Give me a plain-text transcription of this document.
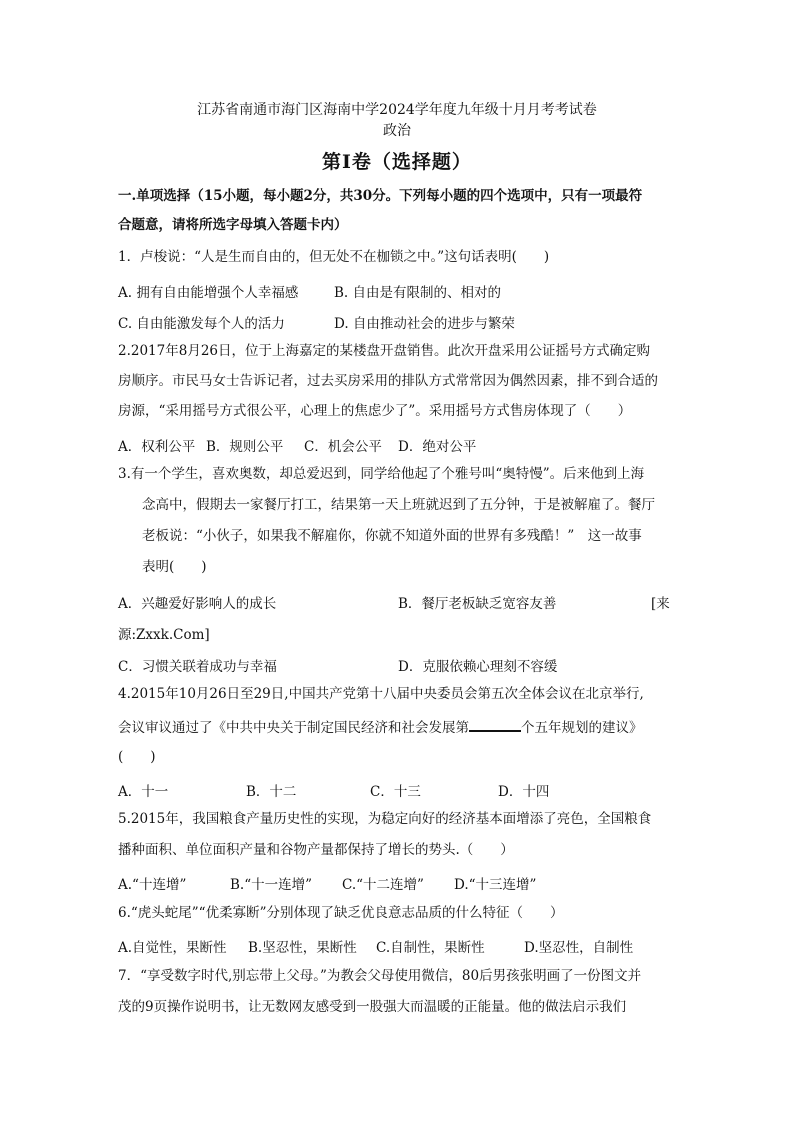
江苏省南通市海门区海南中学2024学年度九年级十月月考考试卷
政治
第I卷（选择题）
一.单项选择（15小题，每小题2分，共30分。下列每小题的四个选项中，只有一项最符
合题意，请将所选字母填入答题卡内）
1．卢梭说：“人是生而自由的，但无处不在枷锁之中。”这句话表明(　　)
A. 拥有自由能增强个人幸福感	B. 自由是有限制的、相对的
C. 自由能激发每个人的活力	D. 自由推动社会的进步与繁荣
2.2017年8月26日，位于上海嘉定的某楼盘开盘销售。此次开盘采用公证摇号方式确定购
房顺序。市民马女士告诉记者，过去买房采用的排队方式常常因为偶然因素，排不到合适的
房源，“采用摇号方式很公平，心理上的焦虑少了”。采用摇号方式售房体现了（　　）
A．权利公平 B．规则公平 C．机会公平 D．绝对公平
3.有一个学生，喜欢奥数，却总爱迟到，同学给他起了个雅号叫“奥特慢”。后来他到上海
念高中，假期去一家餐厅打工，结果第一天上班就迟到了五分钟，于是被解雇了。餐厅
老板说：“小伙子，如果我不解雇你，你就不知道外面的世界有多残酷！”　这一故事
表明(　　)
A．兴趣爱好影响人的成长	B．餐厅老板缺乏宽容友善	[来
源:Zxxk.Com]
C．习惯关联着成功与幸福	D．克服依赖心理刻不容缓
4.2015年10月26日至29日,中国共产党第十八届中央委员会第五次全体会议在北京举行,
会议审议通过了《中共中央关于制定国民经济和社会发展第	个五年规划的建议》
(　　)
A．十一	B．十二	C．十三	D．十四
5.2015年，我国粮食产量历史性的实现，为稳定向好的经济基本面增添了亮色，全国粮食
播种面积、单位面积产量和谷物产量都保持了增长的势头.（　　）
A.“十连增”	B.“十一连增” C.“十二连增” D.“十三连增”
6.“虎头蛇尾”“优柔寡断”分别体现了缺乏优良意志品质的什么特征（　　）
A.自觉性，果断性 B.坚忍性，果断性 C.自制性，果断性	D.坚忍性，自制性
7．“享受数字时代,别忘带上父母。”为教会父母使用微信，80后男孩张明画了一份图文并
茂的9页操作说明书，让无数网友感受到一股强大而温暖的正能量。他的做法启示我们
